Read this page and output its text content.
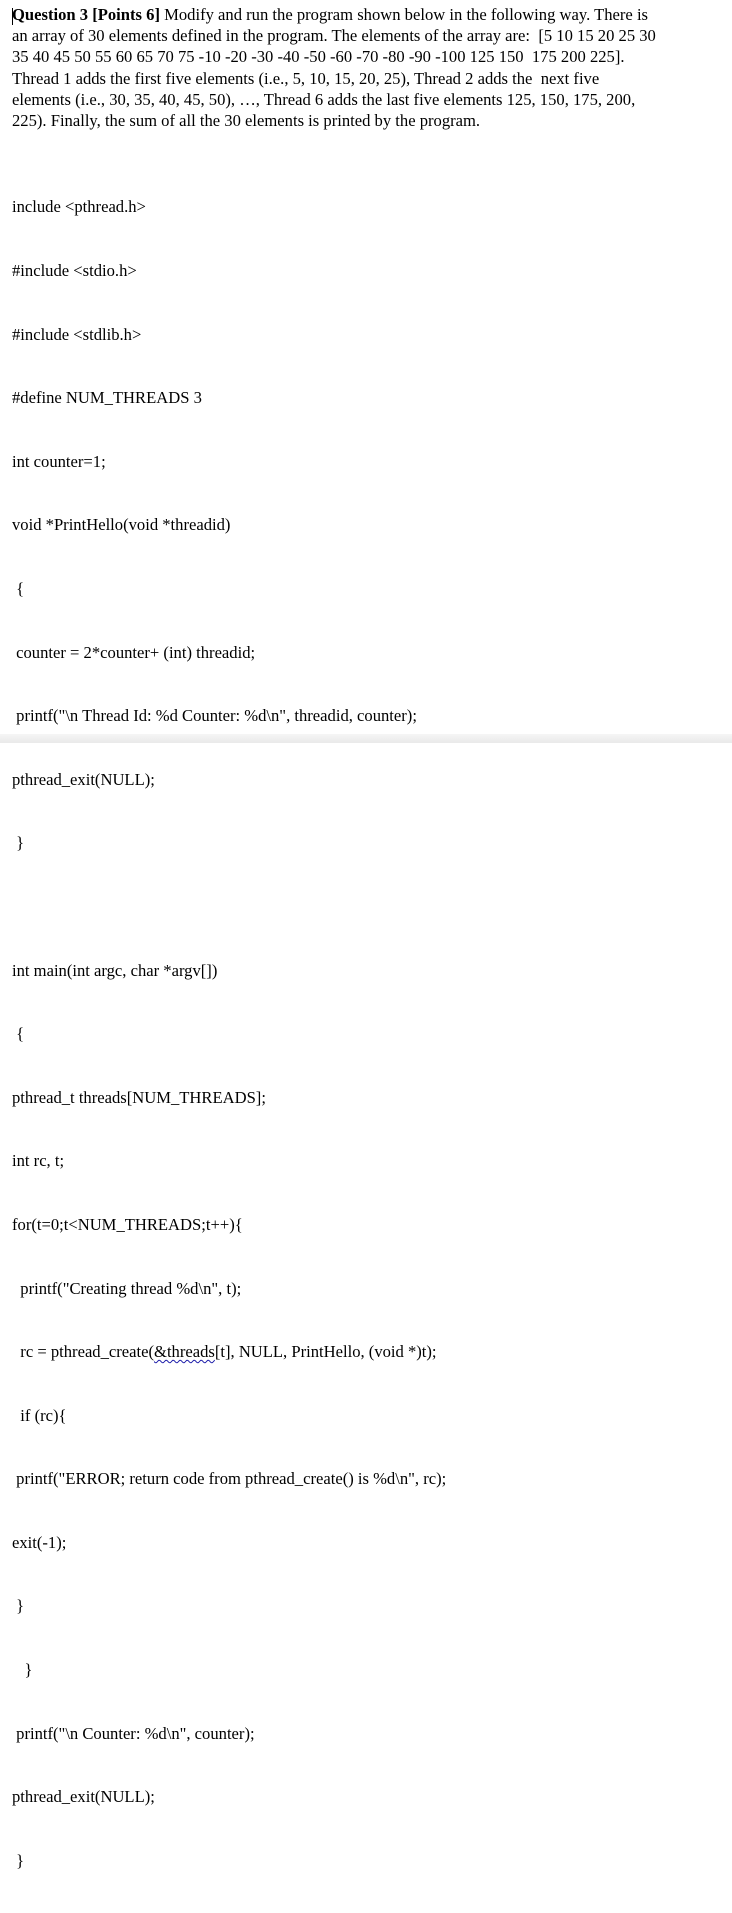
Question 3 [Points 6] Modify and run the program shown below in the following way. There is
an array of 30 elements defined in the program. The elements of the array are:  [5 10 15 20 25 30
35 40 45 50 55 60 65 70 75 -10 -20 -30 -40 -50 -60 -70 -80 -90 -100 125 150  175 200 225].
Thread 1 adds the first five elements (i.e., 5, 10, 15, 20, 25), Thread 2 adds the  next five
elements (i.e., 30, 35, 40, 45, 50), …, Thread 6 adds the last five elements 125, 150, 175, 200,
225). Finally, the sum of all the 30 elements is printed by the program.

include <pthread.h>

#include <stdio.h>

#include <stdlib.h>

#define NUM_THREADS 3

int counter=1;

void *PrintHello(void *threadid)

{

counter = 2*counter+ (int) threadid;

printf("\n Thread Id: %d Counter: %d\n", threadid, counter);

pthread_exit(NULL);

}

int main(int argc, char *argv[])

{

pthread_t threads[NUM_THREADS];

int rc, t;

for(t=0;t<NUM_THREADS;t++){

printf("Creating thread %d\n", t);

rc = pthread_create(&threads[t], NULL, PrintHello, (void *)t);

if (rc){

printf("ERROR; return code from pthread_create() is %d\n", rc);

exit(-1);

}

}

printf("\n Counter: %d\n", counter);

pthread_exit(NULL);

}
